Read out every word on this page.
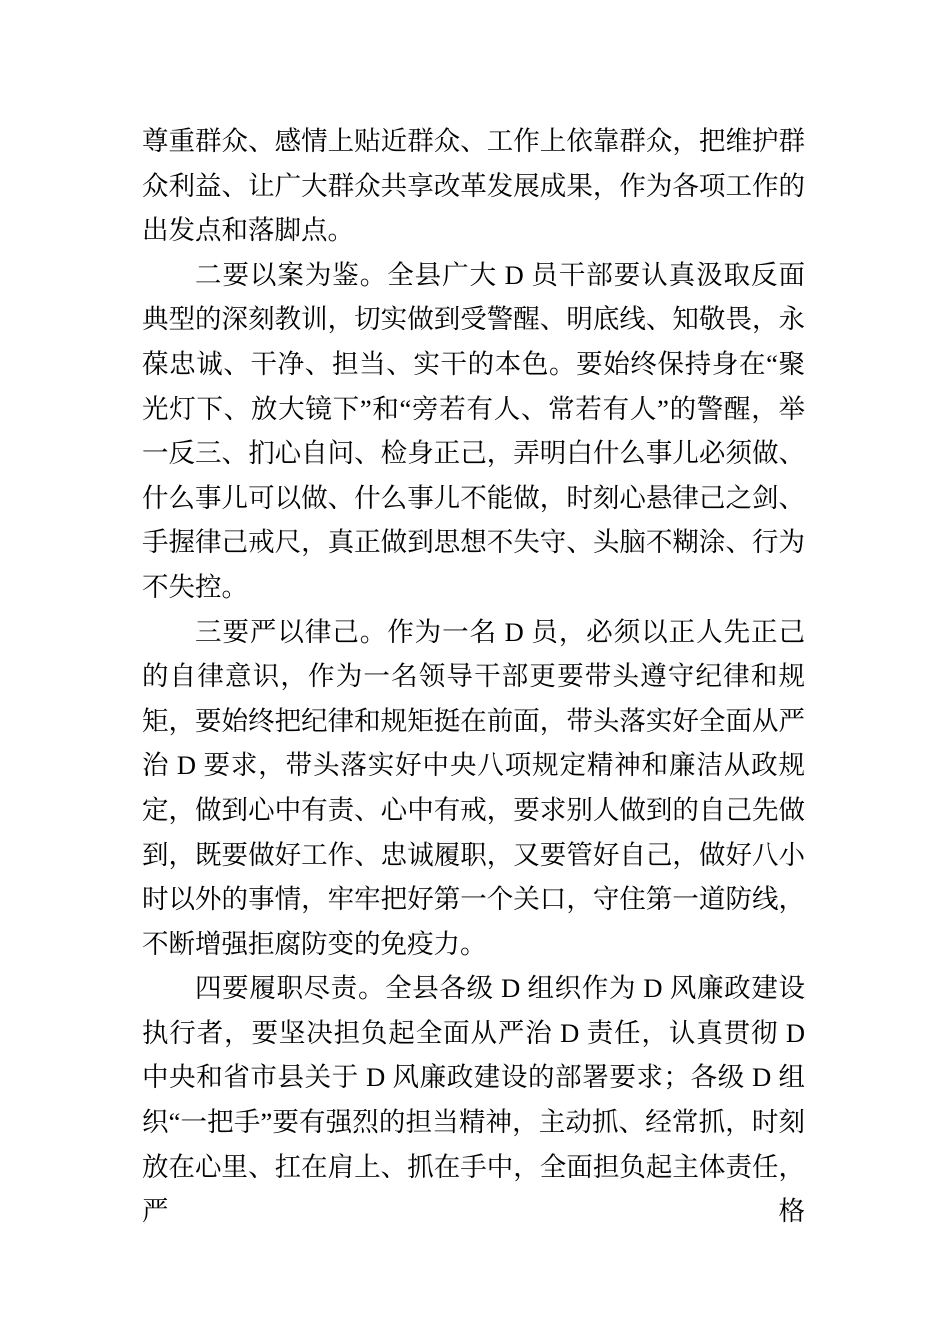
尊重群众、感情上贴近群众、工作上依靠群众，把维护群众利益、让广大群众共享改革发展成果，作为各项工作的出发点和落脚点。

二要以案为鉴。全县广大 D 员干部要认真汲取反面典型的深刻教训，切实做到受警醒、明底线、知敬畏，永葆忠诚、干净、担当、实干的本色。要始终保持身在“聚光灯下、放大镜下”和“旁若有人、常若有人”的警醒，举一反三、扪心自问、检身正己，弄明白什么事儿必须做、什么事儿可以做、什么事儿不能做，时刻心悬律己之剑、手握律己戒尺，真正做到思想不失守、头脑不糊涂、行为不失控。

三要严以律己。作为一名 D 员，必须以正人先正己的自律意识，作为一名领导干部更要带头遵守纪律和规矩，要始终把纪律和规矩挺在前面，带头落实好全面从严治 D 要求，带头落实好中央八项规定精神和廉洁从政规定，做到心中有责、心中有戒，要求别人做到的自己先做到，既要做好工作、忠诚履职，又要管好自己，做好八小时以外的事情，牢牢把好第一个关口，守住第一道防线，不断增强拒腐防变的免疫力。

四要履职尽责。全县各级 D 组织作为 D 风廉政建设执行者，要坚决担负起全面从严治 D 责任，认真贯彻 D 中央和省市县关于 D 风廉政建设的部署要求；各级 D 组织“一把手”要有强烈的担当精神，主动抓、经常抓，时刻放在心里、扛在肩上、抓在手中，全面担负起主体责任，严格
